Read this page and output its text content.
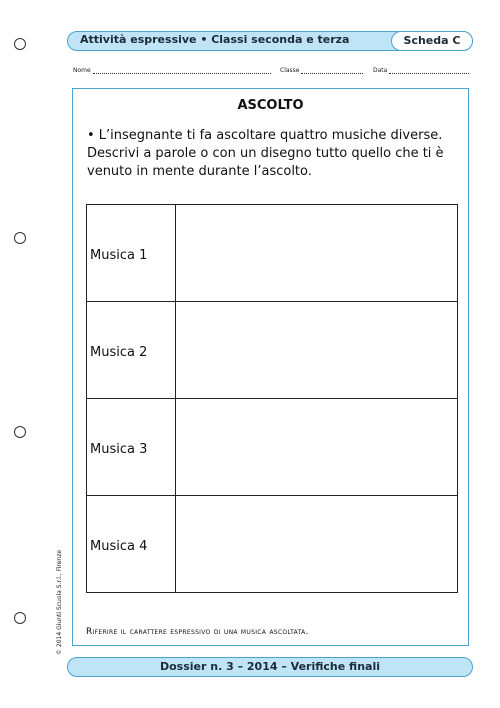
Attività espressive • Classi seconda e terza	Scheda C
Nome	Classe	Data
ASCOLTO
• L’insegnante ti fa ascoltare quattro musiche diverse. Descrivi a parole o con un disegno tutto quello che ti è venuto in mente durante l’ascolto.
Musica 1	
Musica 2	
Musica 3	
Musica 4	
Riferire il carattere espressivo di una musica ascoltata.
© 2014 Giunti Scuola S.r.l., Firenze
Dossier n. 3 – 2014 – Verifiche finali
